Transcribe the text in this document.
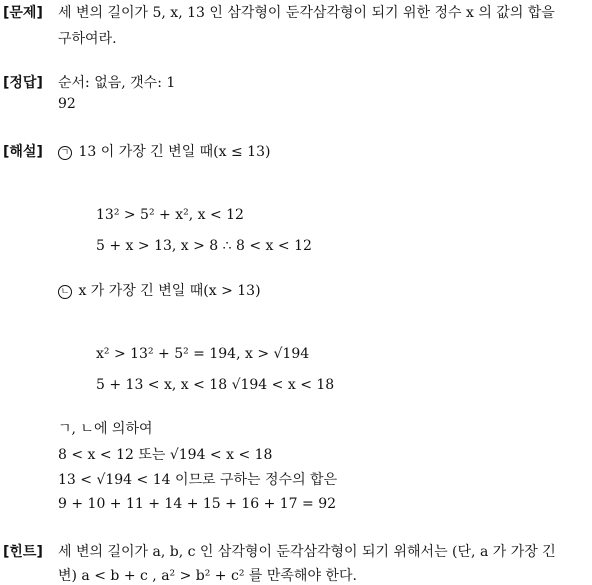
[문제] 세 변의 길이가 5, x, 13 인 삼각형이 둔각삼각형이 되기 위한 정수 x 의 값의 합을
구하여라.
[정답] 순서: 없음, 갯수: 1
92
[해설] ㄱ 13 이 가장 긴 변일 때(x ≤ 13)
13² > 5² + x², x < 12
5 + x > 13, x > 8 ∴ 8 < x < 12
ㄴ x 가 가장 긴 변일 때(x > 13)
x² > 13² + 5² = 194, x > √194
5 + 13 < x, x < 18 √194 < x < 18
ㄱ, ㄴ에 의하여
8 < x < 12 또는 √194 < x < 18
13 < √194 < 14 이므로 구하는 정수의 합은
9 + 10 + 11 + 14 + 15 + 16 + 17 = 92
[힌트] 세 변의 길이가 a, b, c 인 삼각형이 둔각삼각형이 되기 위해서는 (단, a 가 가장 긴
변) a < b + c , a² > b² + c² 를 만족해야 한다.
